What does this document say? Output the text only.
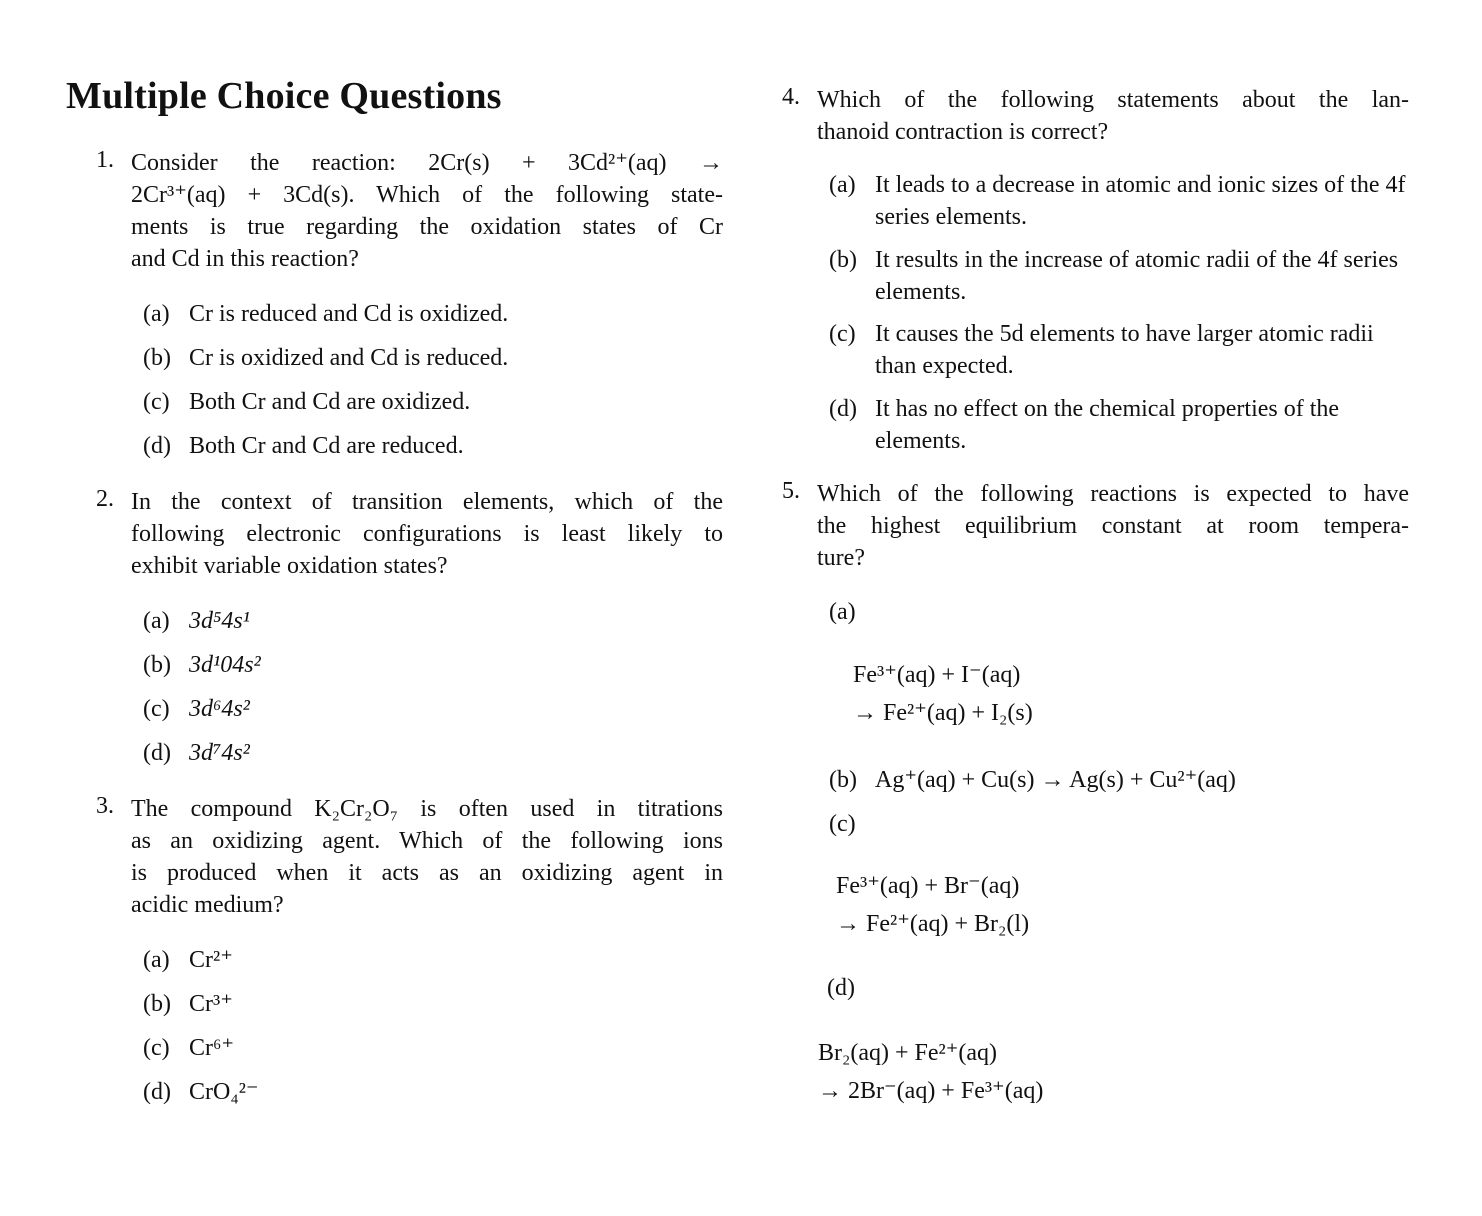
Multiple Choice Questions
1. Consider the reaction: 2Cr(s) + 3Cd²⁺(aq) →
2Cr³⁺(aq) + 3Cd(s). Which of the following state-
ments is true regarding the oxidation states of Cr
and Cd in this reaction?
(a) Cr is reduced and Cd is oxidized.
(b) Cr is oxidized and Cd is reduced.
(c) Both Cr and Cd are oxidized.
(d) Both Cr and Cd are reduced.
2. In the context of transition elements, which of the
following electronic configurations is least likely to
exhibit variable oxidation states?
(a) 3d⁵4s¹
(b) 3d¹04s²
(c) 3d⁶4s²
(d) 3d⁷4s²
3. The compound K₂Cr₂O₇ is often used in titrations
as an oxidizing agent. Which of the following ions
is produced when it acts as an oxidizing agent in
acidic medium?
(a) Cr²⁺
(b) Cr³⁺
(c) Cr⁶⁺
(d) CrO₄²⁻
4. Which of the following statements about the lan-
thanoid contraction is correct?
(a) It leads to a decrease in atomic and ionic sizes of the 4f series elements.
(b) It results in the increase of atomic radii of the 4f series elements.
(c) It causes the 5d elements to have larger atomic radii than expected.
(d) It has no effect on the chemical properties of the elements.
5. Which of the following reactions is expected to have
the highest equilibrium constant at room tempera-
ture?
(a)
Fe³⁺(aq) + I⁻(aq)
→ Fe²⁺(aq) + I₂(s)
(b) Ag⁺(aq) + Cu(s) → Ag(s) + Cu²⁺(aq)
(c)
Fe³⁺(aq) + Br⁻(aq)
→ Fe²⁺(aq) + Br₂(l)
(d)
Br₂(aq) + Fe²⁺(aq)
→ 2Br⁻(aq) + Fe³⁺(aq)
